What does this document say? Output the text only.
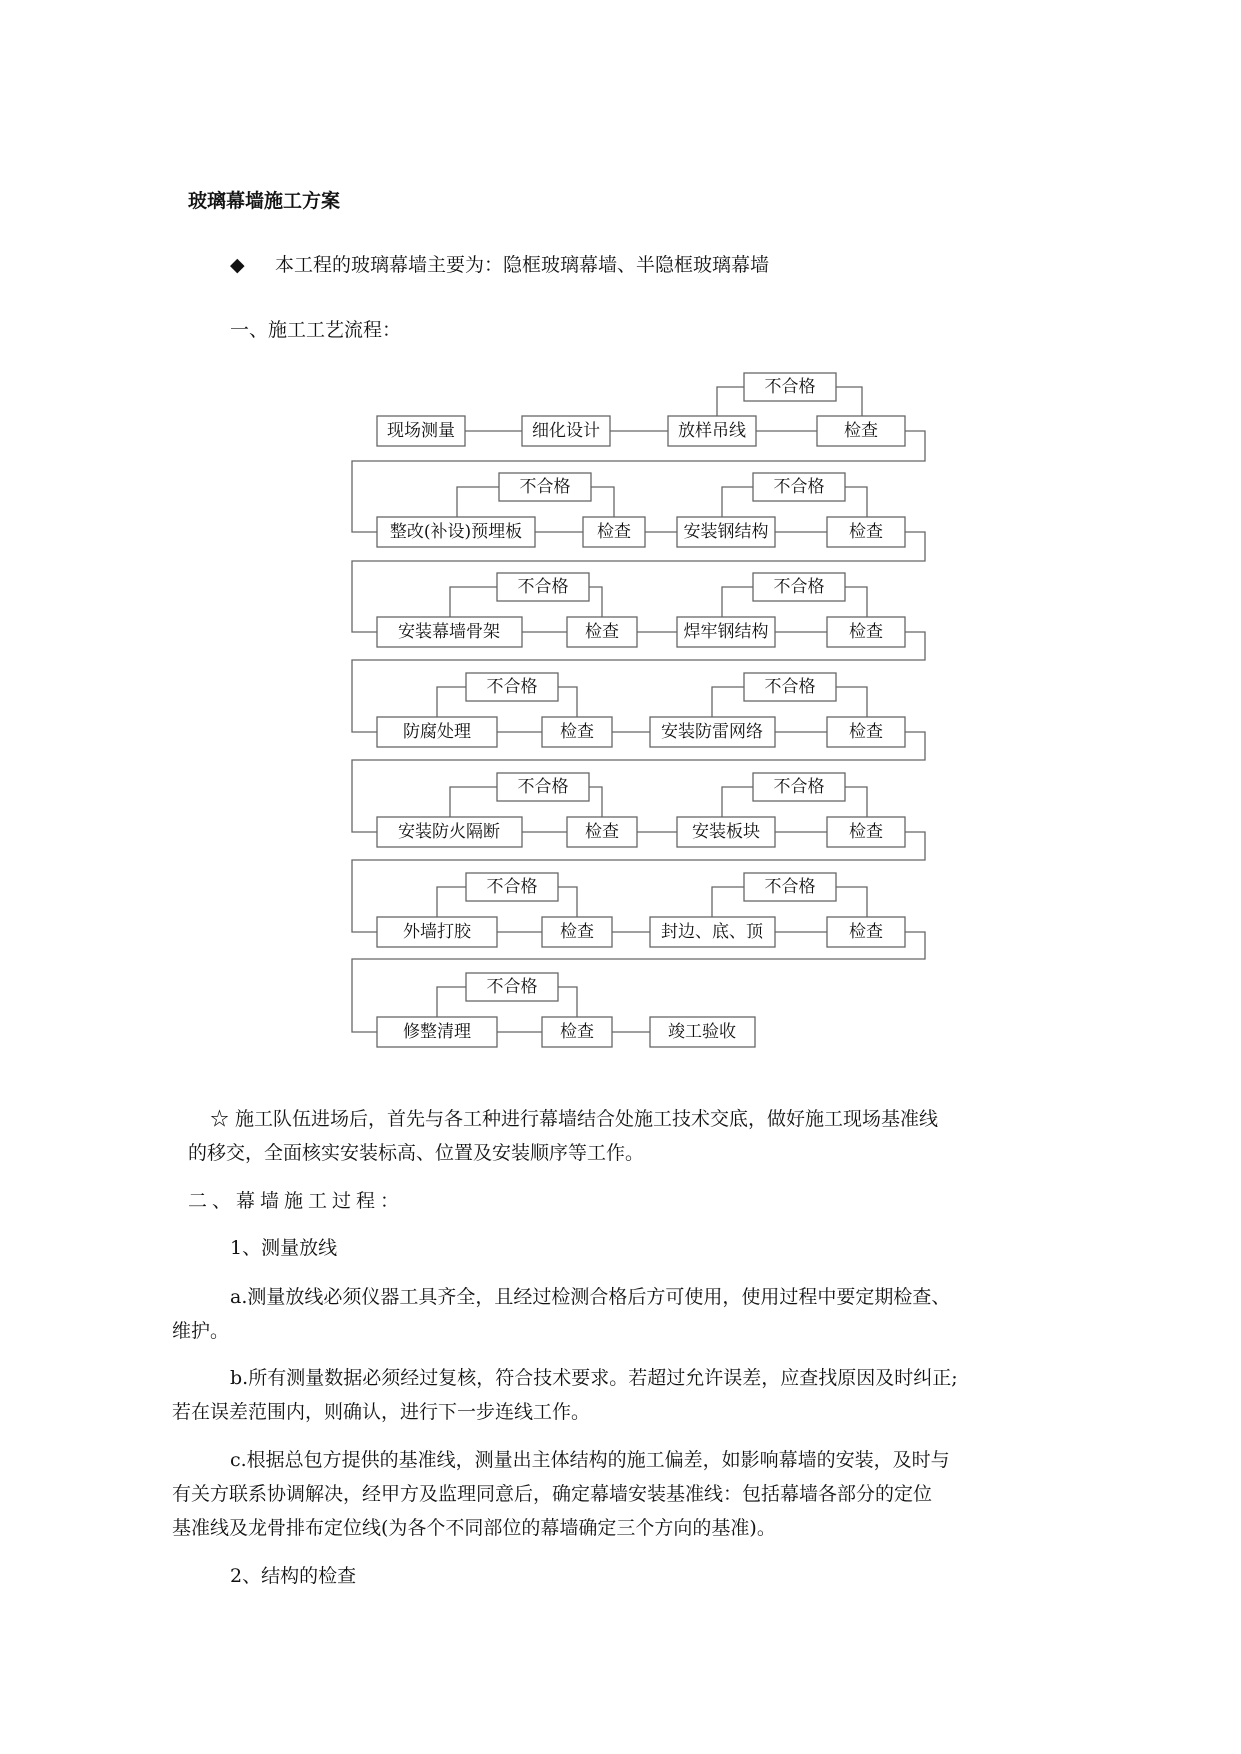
玻璃幕墙施工方案
◆ 本工程的玻璃幕墙主要为：隐框玻璃幕墙、半隐框玻璃幕墙
一、施工工艺流程：
现场测量	细化设计	放样吊线	检查
不合格
整改(补设)预埋板	检查	安装钢结构	检查
不合格	不合格
安装幕墙骨架	检查	焊牢钢结构	检查
不合格	不合格
防腐处理	检查	安装防雷网络	检查
不合格	不合格
安装防火隔断	检查	安装板块	检查
不合格	不合格
外墙打胶	检查	封边、底、顶	检查
不合格	不合格
修整清理	检查	竣工验收
不合格
☆ 施工队伍进场后，首先与各工种进行幕墙结合处施工技术交底，做好施工现场基准线
的移交，全面核实安装标高、位置及安装顺序等工作。
二、幕墙施工过程：
1、测量放线
a.测量放线必须仪器工具齐全，且经过检测合格后方可使用，使用过程中要定期检查、
维护。
b.所有测量数据必须经过复核，符合技术要求。若超过允许误差，应查找原因及时纠正;
若在误差范围内，则确认，进行下一步连线工作。
c.根据总包方提供的基准线，测量出主体结构的施工偏差，如影响幕墙的安装，及时与
有关方联系协调解决，经甲方及监理同意后，确定幕墙安装基准线：包括幕墙各部分的定位
基准线及龙骨排布定位线(为各个不同部位的幕墙确定三个方向的基准)。
2、结构的检查
